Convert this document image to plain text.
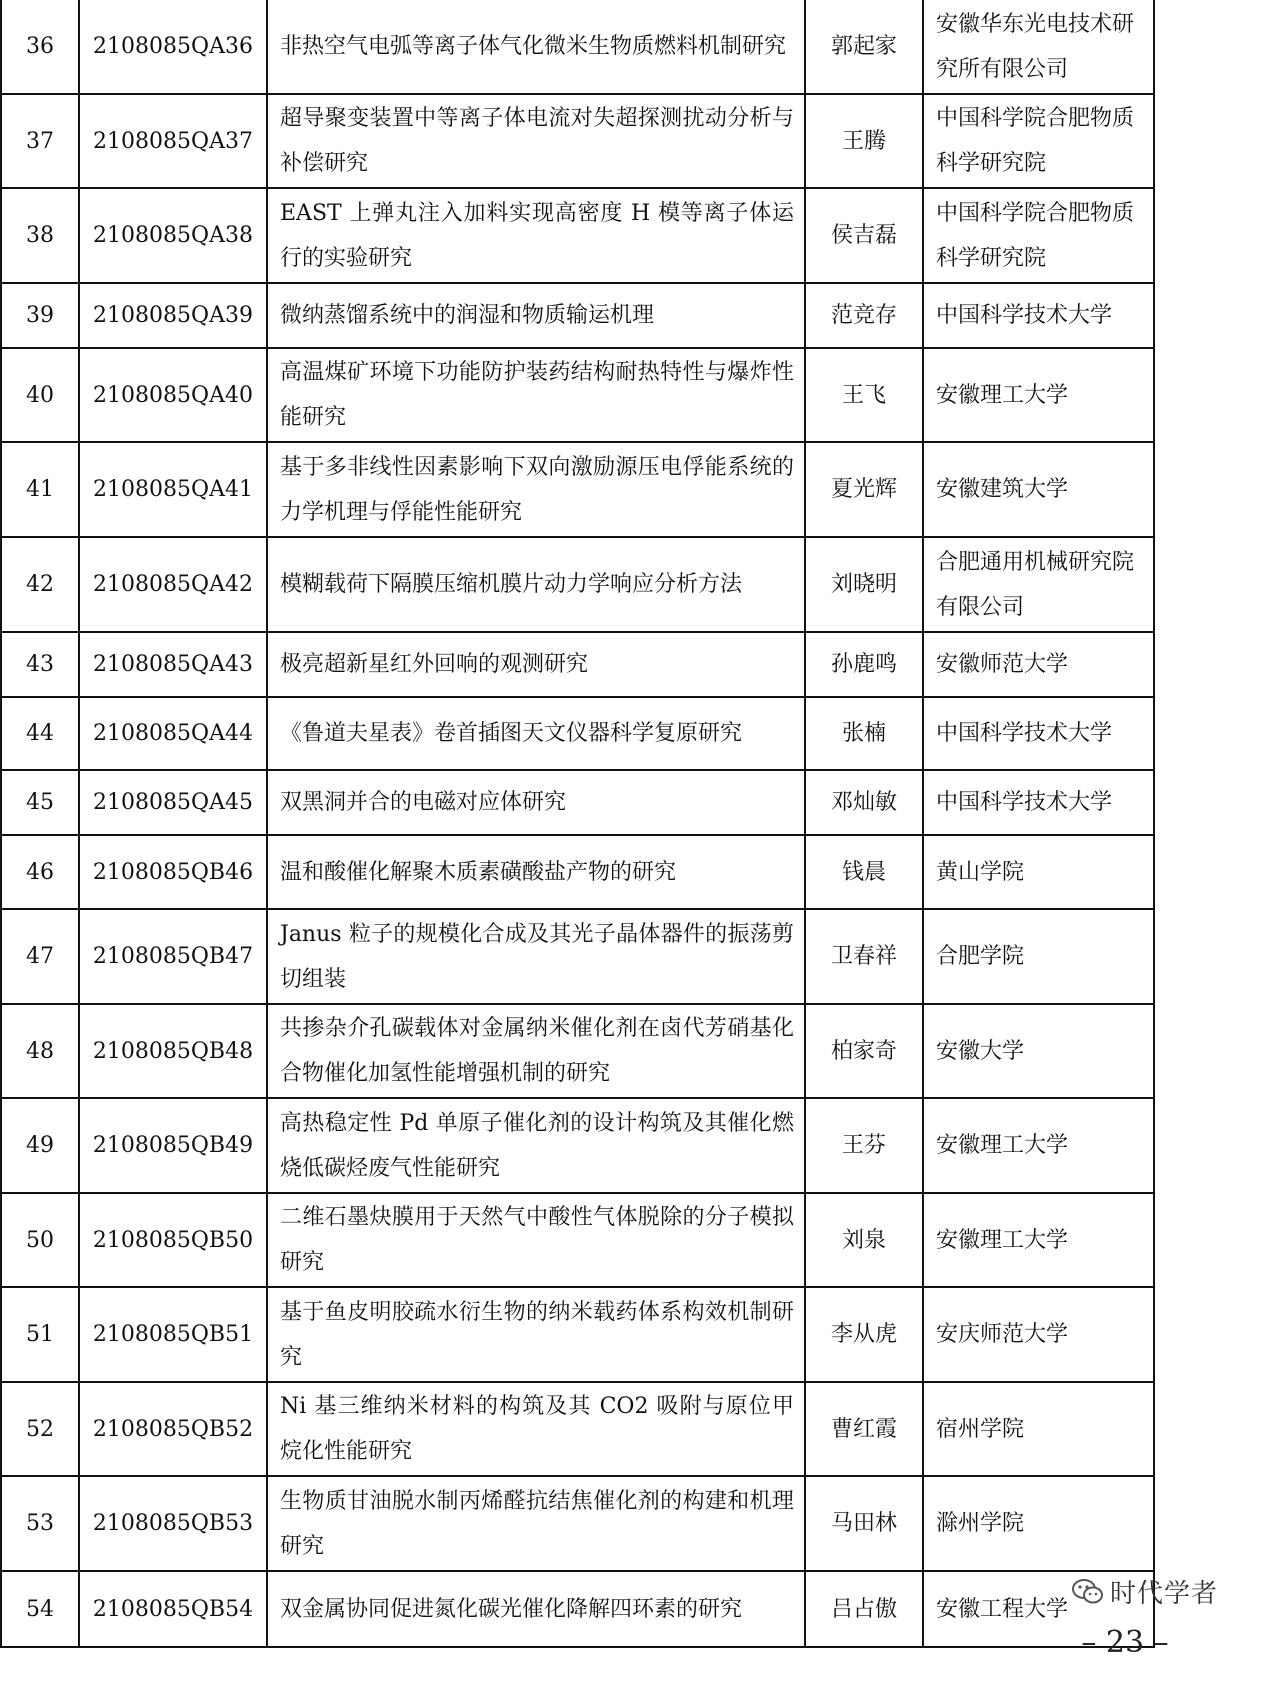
36	2108085QA36	非热空气电弧等离子体气化微米生物质燃料机制研究	郭起家	安徽华东光电技术研究所有限公司
37	2108085QA37	超导聚变装置中等离子体电流对失超探测扰动分析与补偿研究	王腾	中国科学院合肥物质科学研究院
38	2108085QA38	EAST 上弹丸注入加料实现高密度 H 模等离子体运行的实验研究	侯吉磊	中国科学院合肥物质科学研究院
39	2108085QA39	微纳蒸馏系统中的润湿和物质输运机理	范竞存	中国科学技术大学
40	2108085QA40	高温煤矿环境下功能防护装药结构耐热特性与爆炸性能研究	王飞	安徽理工大学
41	2108085QA41	基于多非线性因素影响下双向激励源压电俘能系统的力学机理与俘能性能研究	夏光辉	安徽建筑大学
42	2108085QA42	模糊载荷下隔膜压缩机膜片动力学响应分析方法	刘晓明	合肥通用机械研究院有限公司
43	2108085QA43	极亮超新星红外回响的观测研究	孙鹿鸣	安徽师范大学
44	2108085QA44	《鲁道夫星表》卷首插图天文仪器科学复原研究	张楠	中国科学技术大学
45	2108085QA45	双黑洞并合的电磁对应体研究	邓灿敏	中国科学技术大学
46	2108085QB46	温和酸催化解聚木质素磺酸盐产物的研究	钱晨	黄山学院
47	2108085QB47	Janus 粒子的规模化合成及其光子晶体器件的振荡剪切组装	卫春祥	合肥学院
48	2108085QB48	共掺杂介孔碳载体对金属纳米催化剂在卤代芳硝基化合物催化加氢性能增强机制的研究	柏家奇	安徽大学
49	2108085QB49	高热稳定性 Pd 单原子催化剂的设计构筑及其催化燃烧低碳烃废气性能研究	王芬	安徽理工大学
50	2108085QB50	二维石墨炔膜用于天然气中酸性气体脱除的分子模拟研究	刘泉	安徽理工大学
51	2108085QB51	基于鱼皮明胶疏水衍生物的纳米载药体系构效机制研究	李从虎	安庆师范大学
52	2108085QB52	Ni 基三维纳米材料的构筑及其 CO2 吸附与原位甲烷化性能研究	曹红霞	宿州学院
53	2108085QB53	生物质甘油脱水制丙烯醛抗结焦催化剂的构建和机理研究	马田林	滁州学院
54	2108085QB54	双金属协同促进氮化碳光催化降解四环素的研究	吕占傲	安徽工程大学 时代学者
– 23 –
